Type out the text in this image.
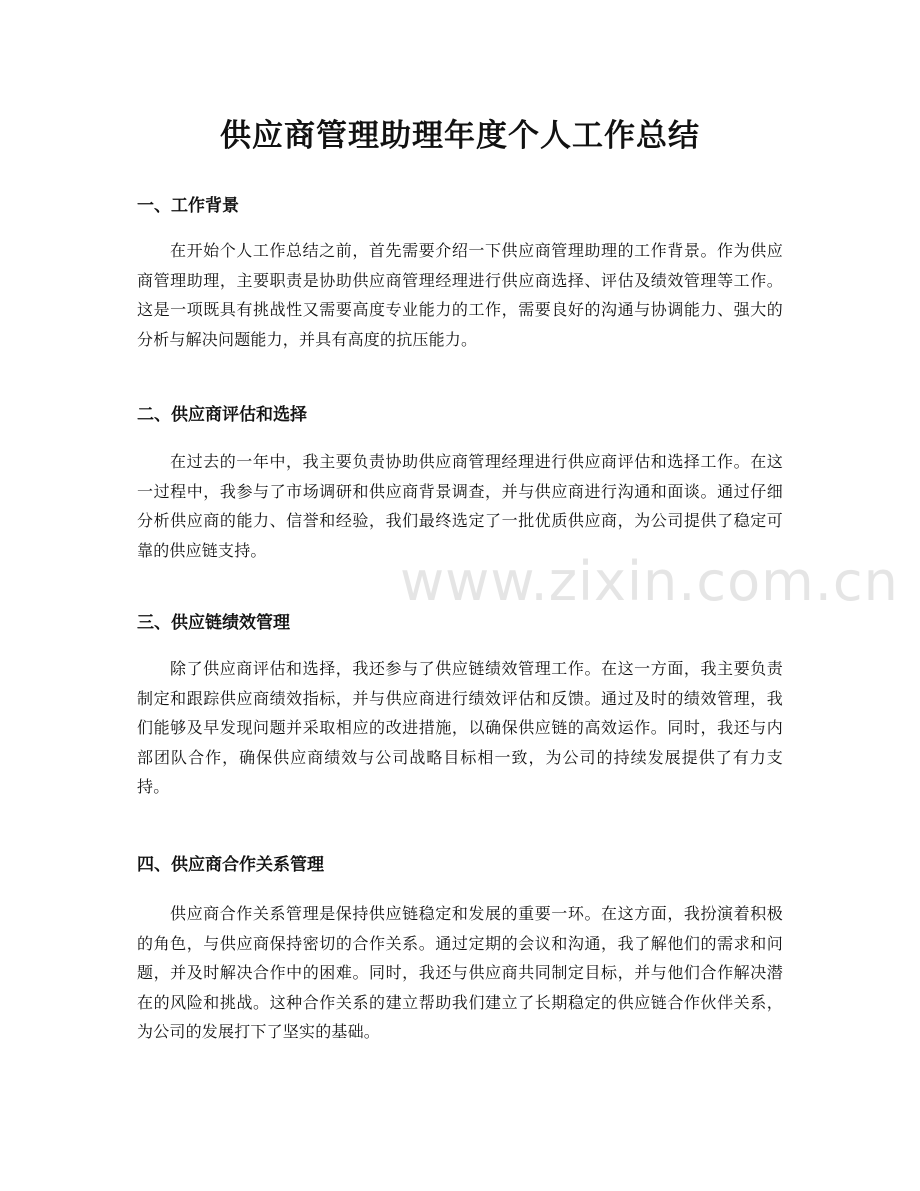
供应商管理助理年度个人工作总结
一、工作背景

在开始个人工作总结之前，首先需要介绍一下供应商管理助理的工作背景。作为供应商管理助理，主要职责是协助供应商管理经理进行供应商选择、评估及绩效管理等工作。这是一项既具有挑战性又需要高度专业能力的工作，需要良好的沟通与协调能力、强大的分析与解决问题能力，并具有高度的抗压能力。

二、供应商评估和选择

在过去的一年中，我主要负责协助供应商管理经理进行供应商评估和选择工作。在这一过程中，我参与了市场调研和供应商背景调查，并与供应商进行沟通和面谈。通过仔细分析供应商的能力、信誉和经验，我们最终选定了一批优质供应商，为公司提供了稳定可靠的供应链支持。

三、供应链绩效管理

除了供应商评估和选择，我还参与了供应链绩效管理工作。在这一方面，我主要负责制定和跟踪供应商绩效指标，并与供应商进行绩效评估和反馈。通过及时的绩效管理，我们能够及早发现问题并采取相应的改进措施，以确保供应链的高效运作。同时，我还与内部团队合作，确保供应商绩效与公司战略目标相一致，为公司的持续发展提供了有力支持。

四、供应商合作关系管理

供应商合作关系管理是保持供应链稳定和发展的重要一环。在这方面，我扮演着积极的角色，与供应商保持密切的合作关系。通过定期的会议和沟通，我了解他们的需求和问题，并及时解决合作中的困难。同时，我还与供应商共同制定目标，并与他们合作解决潜在的风险和挑战。这种合作关系的建立帮助我们建立了长期稳定的供应链合作伙伴关系，为公司的发展打下了坚实的基础。

www.zixin.com.cn
